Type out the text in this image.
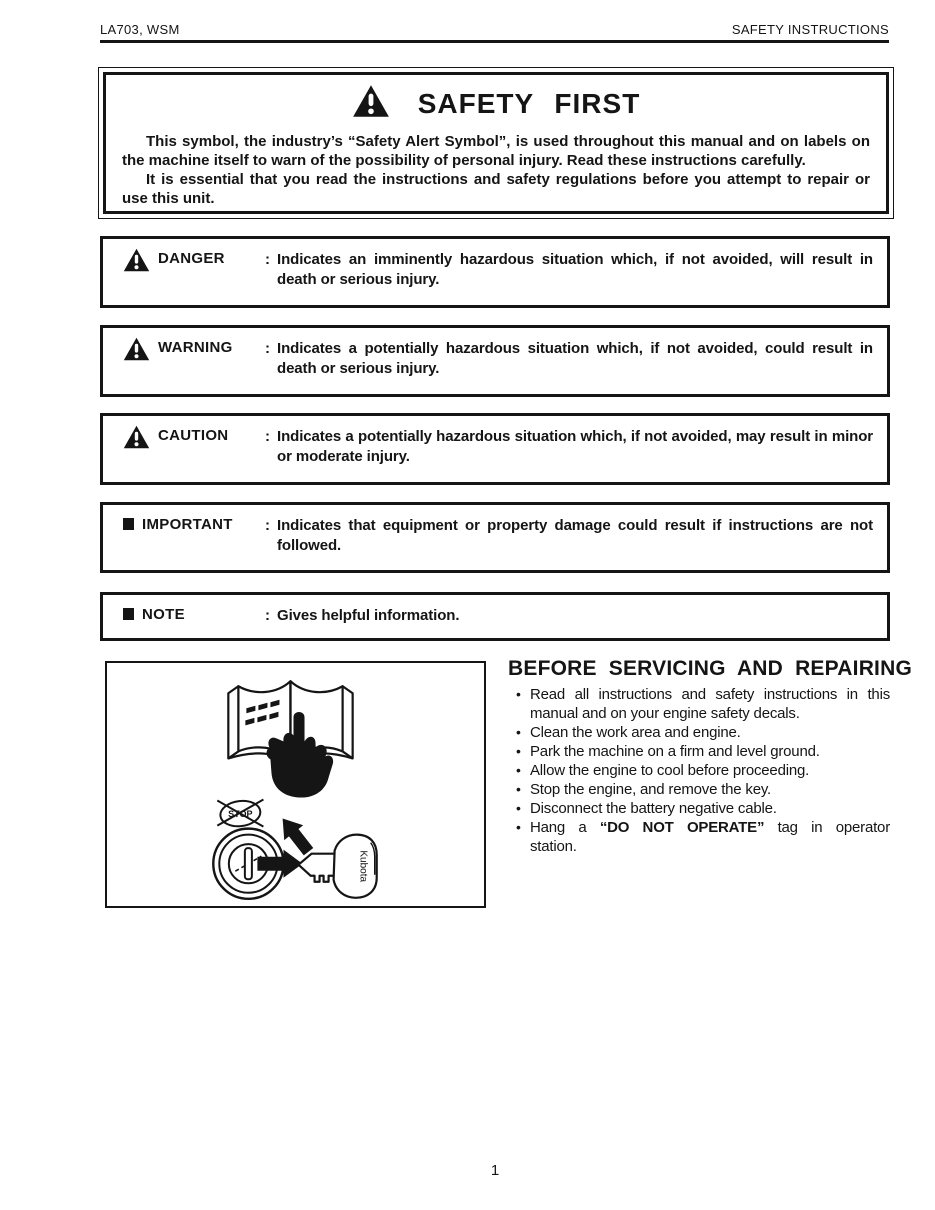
LA703, WSM	SAFETY INSTRUCTIONS
SAFETY FIRST

This symbol, the industry’s “Safety Alert Symbol”, is used throughout this manual and on labels on the machine itself to warn of the possibility of personal injury. Read these instructions carefully.

It is essential that you read the instructions and safety regulations before you attempt to repair or use this unit.

DANGER	: Indicates an imminently hazardous situation which, if not avoided, will result in death or serious injury.
WARNING : Indicates a potentially hazardous situation which, if not avoided, could result in death or serious injury.
CAUTION : Indicates a potentially hazardous situation which, if not avoided, may result in minor or moderate injury.
IMPORTANT : Indicates that equipment or property damage could result if instructions are not followed.
NOTE	: Gives helpful information.
STOP
Kubota
BEFORE SERVICING AND REPAIRING
• Read all instructions and safety instructions in this manual and on your engine safety decals.
• Clean the work area and engine.
• Park the machine on a firm and level ground.
• Allow the engine to cool before proceeding.
• Stop the engine, and remove the key.
• Disconnect the battery negative cable.
• Hang a “DO NOT OPERATE” tag in operator station.
1
